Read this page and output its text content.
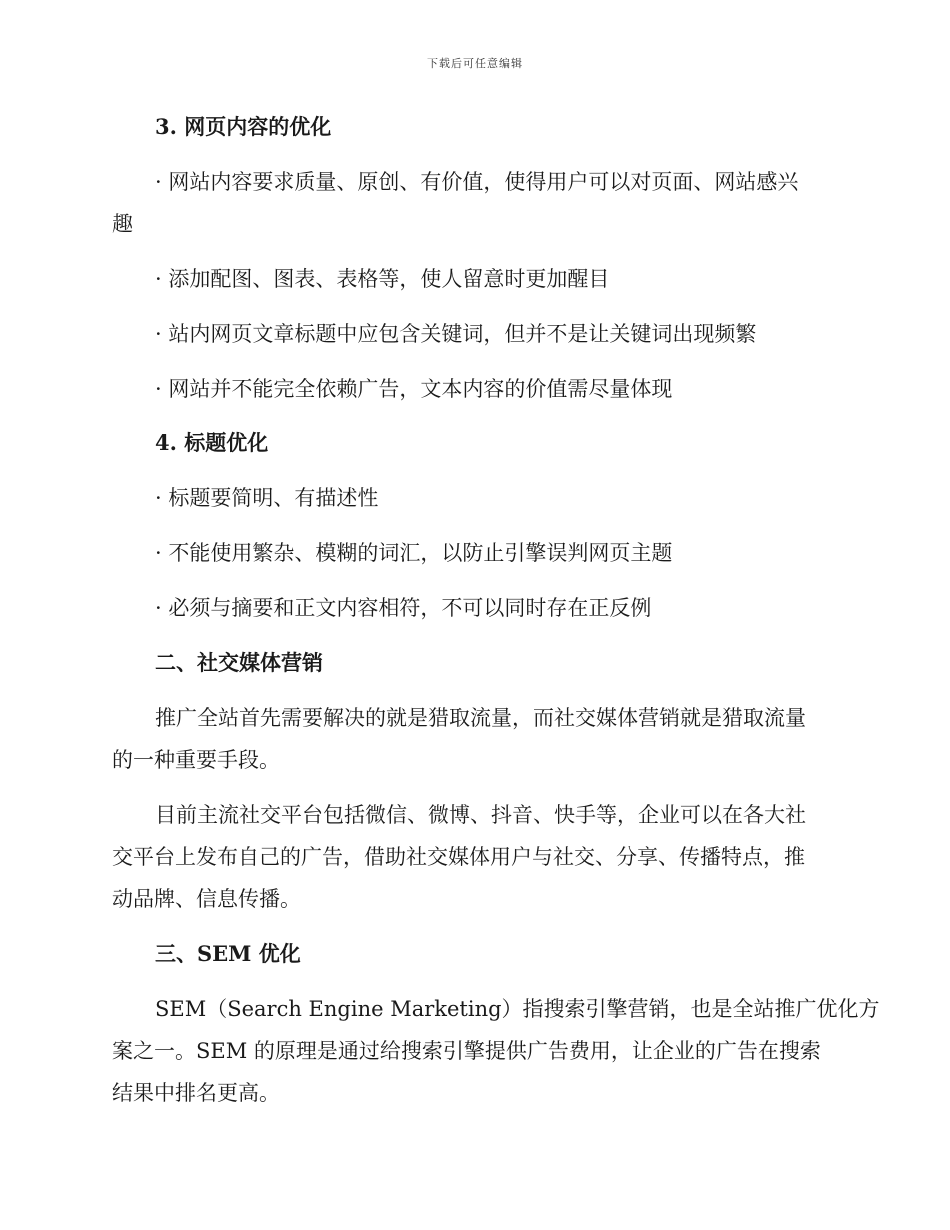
下载后可任意编辑
3. 网页内容的优化
· 网站内容要求质量、原创、有价值，使得用户可以对页面、网站感兴
趣
· 添加配图、图表、表格等，使人留意时更加醒目
· 站内网页文章标题中应包含关键词，但并不是让关键词出现频繁
· 网站并不能完全依赖广告，文本内容的价值需尽量体现
4. 标题优化
· 标题要简明、有描述性
· 不能使用繁杂、模糊的词汇，以防止引擎误判网页主题
· 必须与摘要和正文内容相符，不可以同时存在正反例
二、社交媒体营销
推广全站首先需要解决的就是猎取流量，而社交媒体营销就是猎取流量
的一种重要手段。
目前主流社交平台包括微信、微博、抖音、快手等，企业可以在各大社
交平台上发布自己的广告，借助社交媒体用户与社交、分享、传播特点，推
动品牌、信息传播。
三、SEM 优化
SEM（Search Engine Marketing）指搜索引擎营销，也是全站推广优化方
案之一。SEM 的原理是通过给搜索引擎提供广告费用，让企业的广告在搜索
结果中排名更高。
